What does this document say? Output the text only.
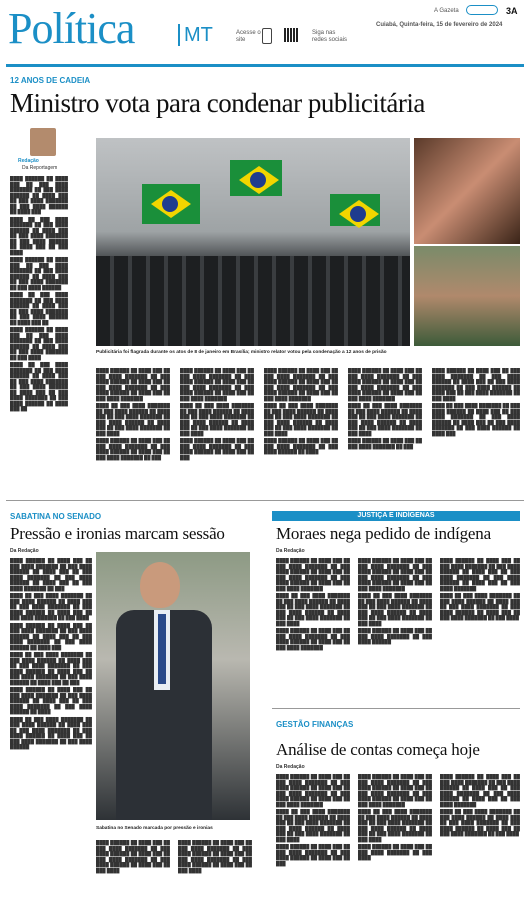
Política	MT	Acesse o
site
Siga nas
redes sociais
A Gazeta
Cuiabá, Quinta-feira, 15 de fevereiro de 2024
3A
12 ANOS DE CADEIA
Ministro vota para condenar publicitária
Redação
Da Reportagem

████ ██████ ██ ████ ███ ██ ███ ████ ███████ ██ ███ ████ ██████ ██ ████ ███ ██ ███ ████ ███████ ██ ███ ████ ██████ ██ ████ ███

████ ██ ███ ████ ███████ ██ ███ ████ ██████ ██ ████ ███ ██ ███ ████ ███████ ██ ███ ████ ██████ ██ ████ ███ ██ ███ ████

████ ██████ ██ ████ ███ ██ ███ ████ ███████ ██ ███ ████ ██████ ██ ████ ███ ██ ███ ████ ███████ ██ ███ ████ ██████

████ ██ ███ ████ ███████ ██ ███ ████ ██████ ██ ████ ███ ██ ███ ████ ███████ ██ ███ ████ ██████ ██ ████ ███ ██

████ ██████ ██ ████ ███ ██ ███ ████ ███████ ██ ███ ████ ██████ ██ ████ ███ ██ ███ ████ ███████ ██ ███ ████

████ ██ ███ ████ ███████ ██ ███ ████ ██████ ██ ████ ███ ██ ███ ████ ███████ ██ ███ ████ ██████ ██ ████ ███ ██ ███ ████ ███████ ██ ███ ████ ██████ ██ ████ ███ ██

Publicitária foi flagrada durante os atos de 8 de janeiro em Brasília; ministro relator votou pela condenação a 12 anos de prisão

████ ██████ ██ ████ ███ ██ ███ ████ ███████ ██ ███ ████ ██████ ██ ████ ███ ██ ███ ████ ███████ ██ ███ ████ ██████ ██ ████ ███ ██ ███ ████ ███████

████ ██ ███ ████ ███████ ██ ███ ████ ██████ ██ ████ ███ ██ ███ ████ ███████ ██ ███ ████ ██████ ██ ████ ███ ██ ███ ████ ███████ ██ ███ ████

████ ██████ ██ ████ ███ ██ ███ ████ ███████ ██ ███ ████ ██████ ██ ████ ███ ██ ███ ████ ███████ ██ ███

████ ██████ ██ ████ ███ ██ ███ ████ ███████ ██ ███ ████ ██████ ██ ████ ███ ██ ███ ████ ███████ ██ ███ ████ ██████ ██ ████ ███ ██ ███ ████ ███████

████ ██ ███ ████ ███████ ██ ███ ████ ██████ ██ ████ ███ ██ ███ ████ ███████ ██ ███ ████ ██████ ██ ████ ███ ██ ███ ████ ███████ ██ ███ ████

████ ██████ ██ ████ ███ ██ ███ ████ ███████ ██ ███ ████ ██████ ██ ████ ███ ██ ███

████ ██████ ██ ████ ███ ██ ███ ████ ███████ ██ ███ ████ ██████ ██ ████ ███ ██ ███ ████ ███████ ██ ███ ████ ██████ ██ ████ ███ ██ ███ ████ ███████

████ ██ ███ ████ ███████ ██ ███ ████ ██████ ██ ████ ███ ██ ███ ████ ███████ ██ ███ ████ ██████ ██ ████ ███ ██ ███ ████ ███████ ██ ███ ████

████ ██████ ██ ████ ███ ██ ███ ████ ███████ ██ ███ ████ ██████ ██ ████

████ ██████ ██ ████ ███ ██ ███ ████ ███████ ██ ███ ████ ██████ ██ ████ ███ ██ ███ ████ ███████ ██ ███ ████ ██████ ██ ████ ███ ██ ███ ████ ███████

████ ██ ███ ████ ███████ ██ ███ ████ ██████ ██ ████ ███ ██ ███ ████ ███████ ██ ███ ████ ██████ ██ ████ ███ ██ ███ ████ ███████ ██ ███ ████

████ ██████ ██ ████ ███ ██ ███ ████ ███████ ██ ███

████ ██████ ██ ████ ███ ██ ███ ████ ███████ ██ ███ ████ ██████ ██ ████ ███ ██ ███ ████ ███████ ██ ███ ████ ██████ ██ ████ ███ ██ ███ ████ ███████ ██ ███ ████

████ ██ ███ ████ ███████ ██ ███ ████ ██████ ██ ████ ███ ██ ███ ████ ███████ ██ ███ ████ ██████ ██ ████ ███ ██ ███ ████ ███████ ██ ███ ████ ██████ ██ ████ ███

SABATINA NO SENADO
Pressão e ironias marcam sessão
Da Redação

████ ██████ ██ ████ ███ ██ ███ ████ ███████ ██ ███ ████ ██████ ██ ████ ███ ██ ███ ████ ███████ ██ ███ ████ ██████ ██ ████ ███ ██ ███ ████ ███████ ██ ███

████ ██ ███ ████ ███████ ██ ███ ████ ██████ ██ ████ ███ ██ ███ ████ ███████ ██ ███ ████ ██████ ██ ████ ███ ██ ███ ████ ███████ ██ ███ ████

████ ██████ ██ ████ ███ ██ ███ ████ ███████ ██ ███ ████ ██████ ██ ████ ███ ██ ███ ████ ███████ ██ ███ ████ ██████ ██ ████ ███

████ ██ ███ ████ ███████ ██ ███ ████ ██████ ██ ████ ███ ██ ███ ████ ███████ ██ ███ ████ ██████ ██ ████ ███ ██ ███ ████ ███████ ██ ███ ████ ██████ ██ ████ ███ ██ ███

████ ██████ ██ ████ ███ ██ ███ ████ ███████ ██ ███ ████ ██████ ██ ████ ███ ██ ███ ████ ███████ ██ ███ ████ ██████ ██ ████

████ ██ ███ ████ ███████ ██ ███ ████ ██████ ██ ████ ███ ██ ███ ████ ███████ ██ ███ ████ ██████ ██ ████ ███ ██ ███ ████ ███████ ██ ███ ████ ██████

Sabatina no Senado marcada por pressão e ironias

████ ██████ ██ ████ ███ ██ ███ ████ ███████ ██ ███ ████ ██████ ██ ████ ███ ██ ███ ████ ███████ ██ ███ ████ ██████ ██ ████ ███ ██ ███ ████

████ ██████ ██ ████ ███ ██ ███ ████ ███████ ██ ███ ████ ██████ ██ ████ ███ ██ ███ ████ ███████ ██ ███ ████ ██████ ██ ████ ███ ██ ███ ████

JUSTIÇA E INDÍGENAS
Moraes nega pedido de indígena
Da Redação

████ ██████ ██ ████ ███ ██ ███ ████ ███████ ██ ███ ████ ██████ ██ ████ ███ ██ ███ ████ ███████ ██ ███ ████ ██████ ██ ████ ███ ██ ███ ████ ███████

████ ██ ███ ████ ███████ ██ ███ ████ ██████ ██ ████ ███ ██ ███ ████ ███████ ██ ███ ████ ██████ ██ ████ ███ ██ ███ ████ ███████ ██ ███ ████

████ ██████ ██ ████ ███ ██ ███ ████ ███████ ██ ███ ████ ██████ ██ ████ ███ ██ ███ ████ ███████

████ ██████ ██ ████ ███ ██ ███ ████ ███████ ██ ███ ████ ██████ ██ ████ ███ ██ ███ ████ ███████ ██ ███ ████ ██████ ██ ████ ███ ██ ███ ████ ███████

████ ██ ███ ████ ███████ ██ ███ ████ ██████ ██ ████ ███ ██ ███ ████ ███████ ██ ███ ████ ██████ ██ ████ ███ ██ ███ ████ ███████ ██ ███ ████

████ ██████ ██ ████ ███ ██ ███ ████ ███████ ██ ███ ████ ██████

████ ██████ ██ ████ ███ ██ ███ ████ ███████ ██ ███ ████ ██████ ██ ████ ███ ██ ███ ████ ███████ ██ ███ ████ ██████ ██ ████ ███ ██ ███ ████ ███████

████ ██ ███ ████ ███████ ██ ███ ████ ██████ ██ ████ ███ ██ ███ ████ ███████ ██ ███ ████ ██████ ██ ████ ███ ██ ███ ████ ███████ ██ ███ ████

GESTÃO FINANÇAS
Análise de contas começa hoje
Da Redação

████ ██████ ██ ████ ███ ██ ███ ████ ███████ ██ ███ ████ ██████ ██ ████ ███ ██ ███ ████ ███████ ██ ███ ████ ██████ ██ ████ ███ ██ ███ ████ ███████

████ ██ ███ ████ ███████ ██ ███ ████ ██████ ██ ████ ███ ██ ███ ████ ███████ ██ ███ ████ ██████ ██ ████ ███ ██ ███ ████ ███████ ██ ███ ████

████ ██████ ██ ████ ███ ██ ███ ████ ███████ ██ ███ ████ ██████ ██ ████ ███ ██ ███

████ ██████ ██ ████ ███ ██ ███ ████ ███████ ██ ███ ████ ██████ ██ ████ ███ ██ ███ ████ ███████ ██ ███ ████ ██████ ██ ████ ███ ██ ███ ████ ███████

████ ██ ███ ████ ███████ ██ ███ ████ ██████ ██ ████ ███ ██ ███ ████ ███████ ██ ███ ████ ██████ ██ ████ ███ ██ ███ ████ ███████ ██ ███ ████

████ ██████ ██ ████ ███ ██ ███ ████ ███████ ██ ███ ████

████ ██████ ██ ████ ███ ██ ███ ████ ███████ ██ ███ ████ ██████ ██ ████ ███ ██ ███ ████ ███████ ██ ███ ████ ██████ ██ ████ ███ ██ ███ ████ ███████

████ ██ ███ ████ ███████ ██ ███ ████ ██████ ██ ████ ███ ██ ███ ████ ███████ ██ ███ ████ ██████ ██ ████ ███ ██ ███ ████ ███████ ██ ███ ████
